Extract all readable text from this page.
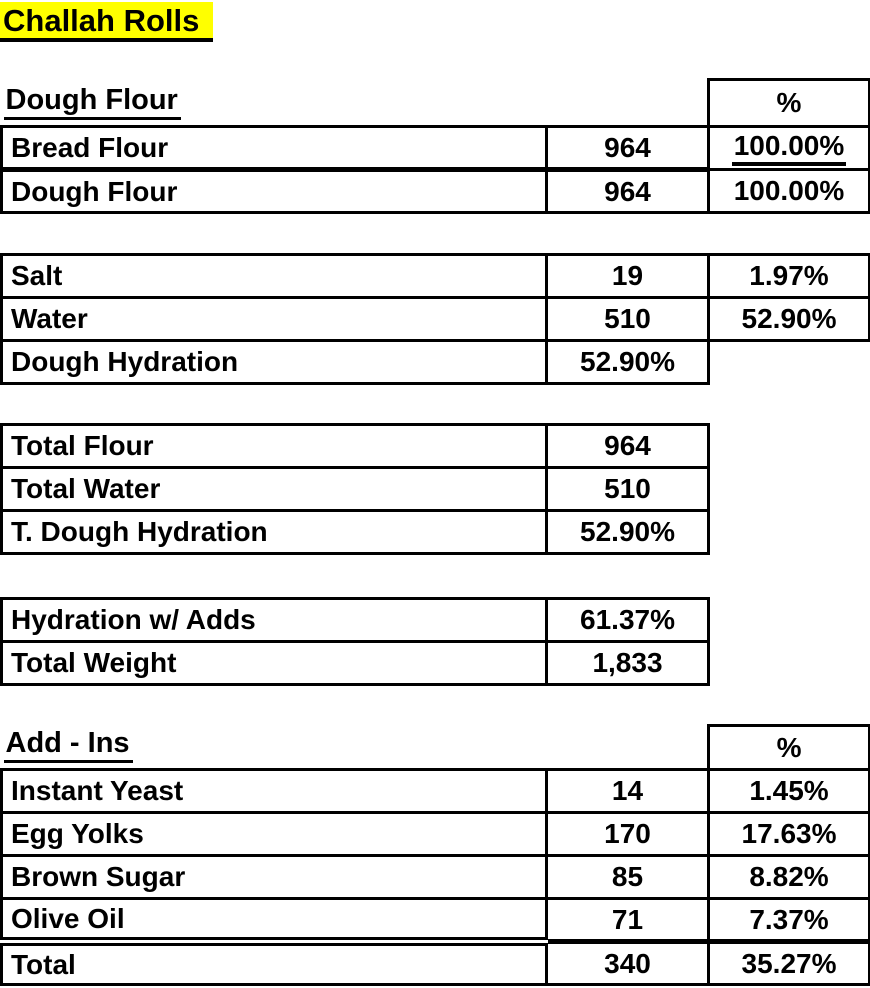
Challah Rolls
Dough Flour		%
Bread Flour	964	100.00%
Dough Flour	964	100.00%
Salt	19	1.97%
Water	510	52.90%
Dough Hydration	52.90%	
Total Flour	964
Total Water	510
T. Dough Hydration	52.90%
Hydration w/ Adds	61.37%
Total Weight	1,833
Add - Ins		%
Instant Yeast	14	1.45%
Egg Yolks	170	17.63%
Brown Sugar	85	8.82%
Olive Oil	71	7.37%
Total	340	35.27%
